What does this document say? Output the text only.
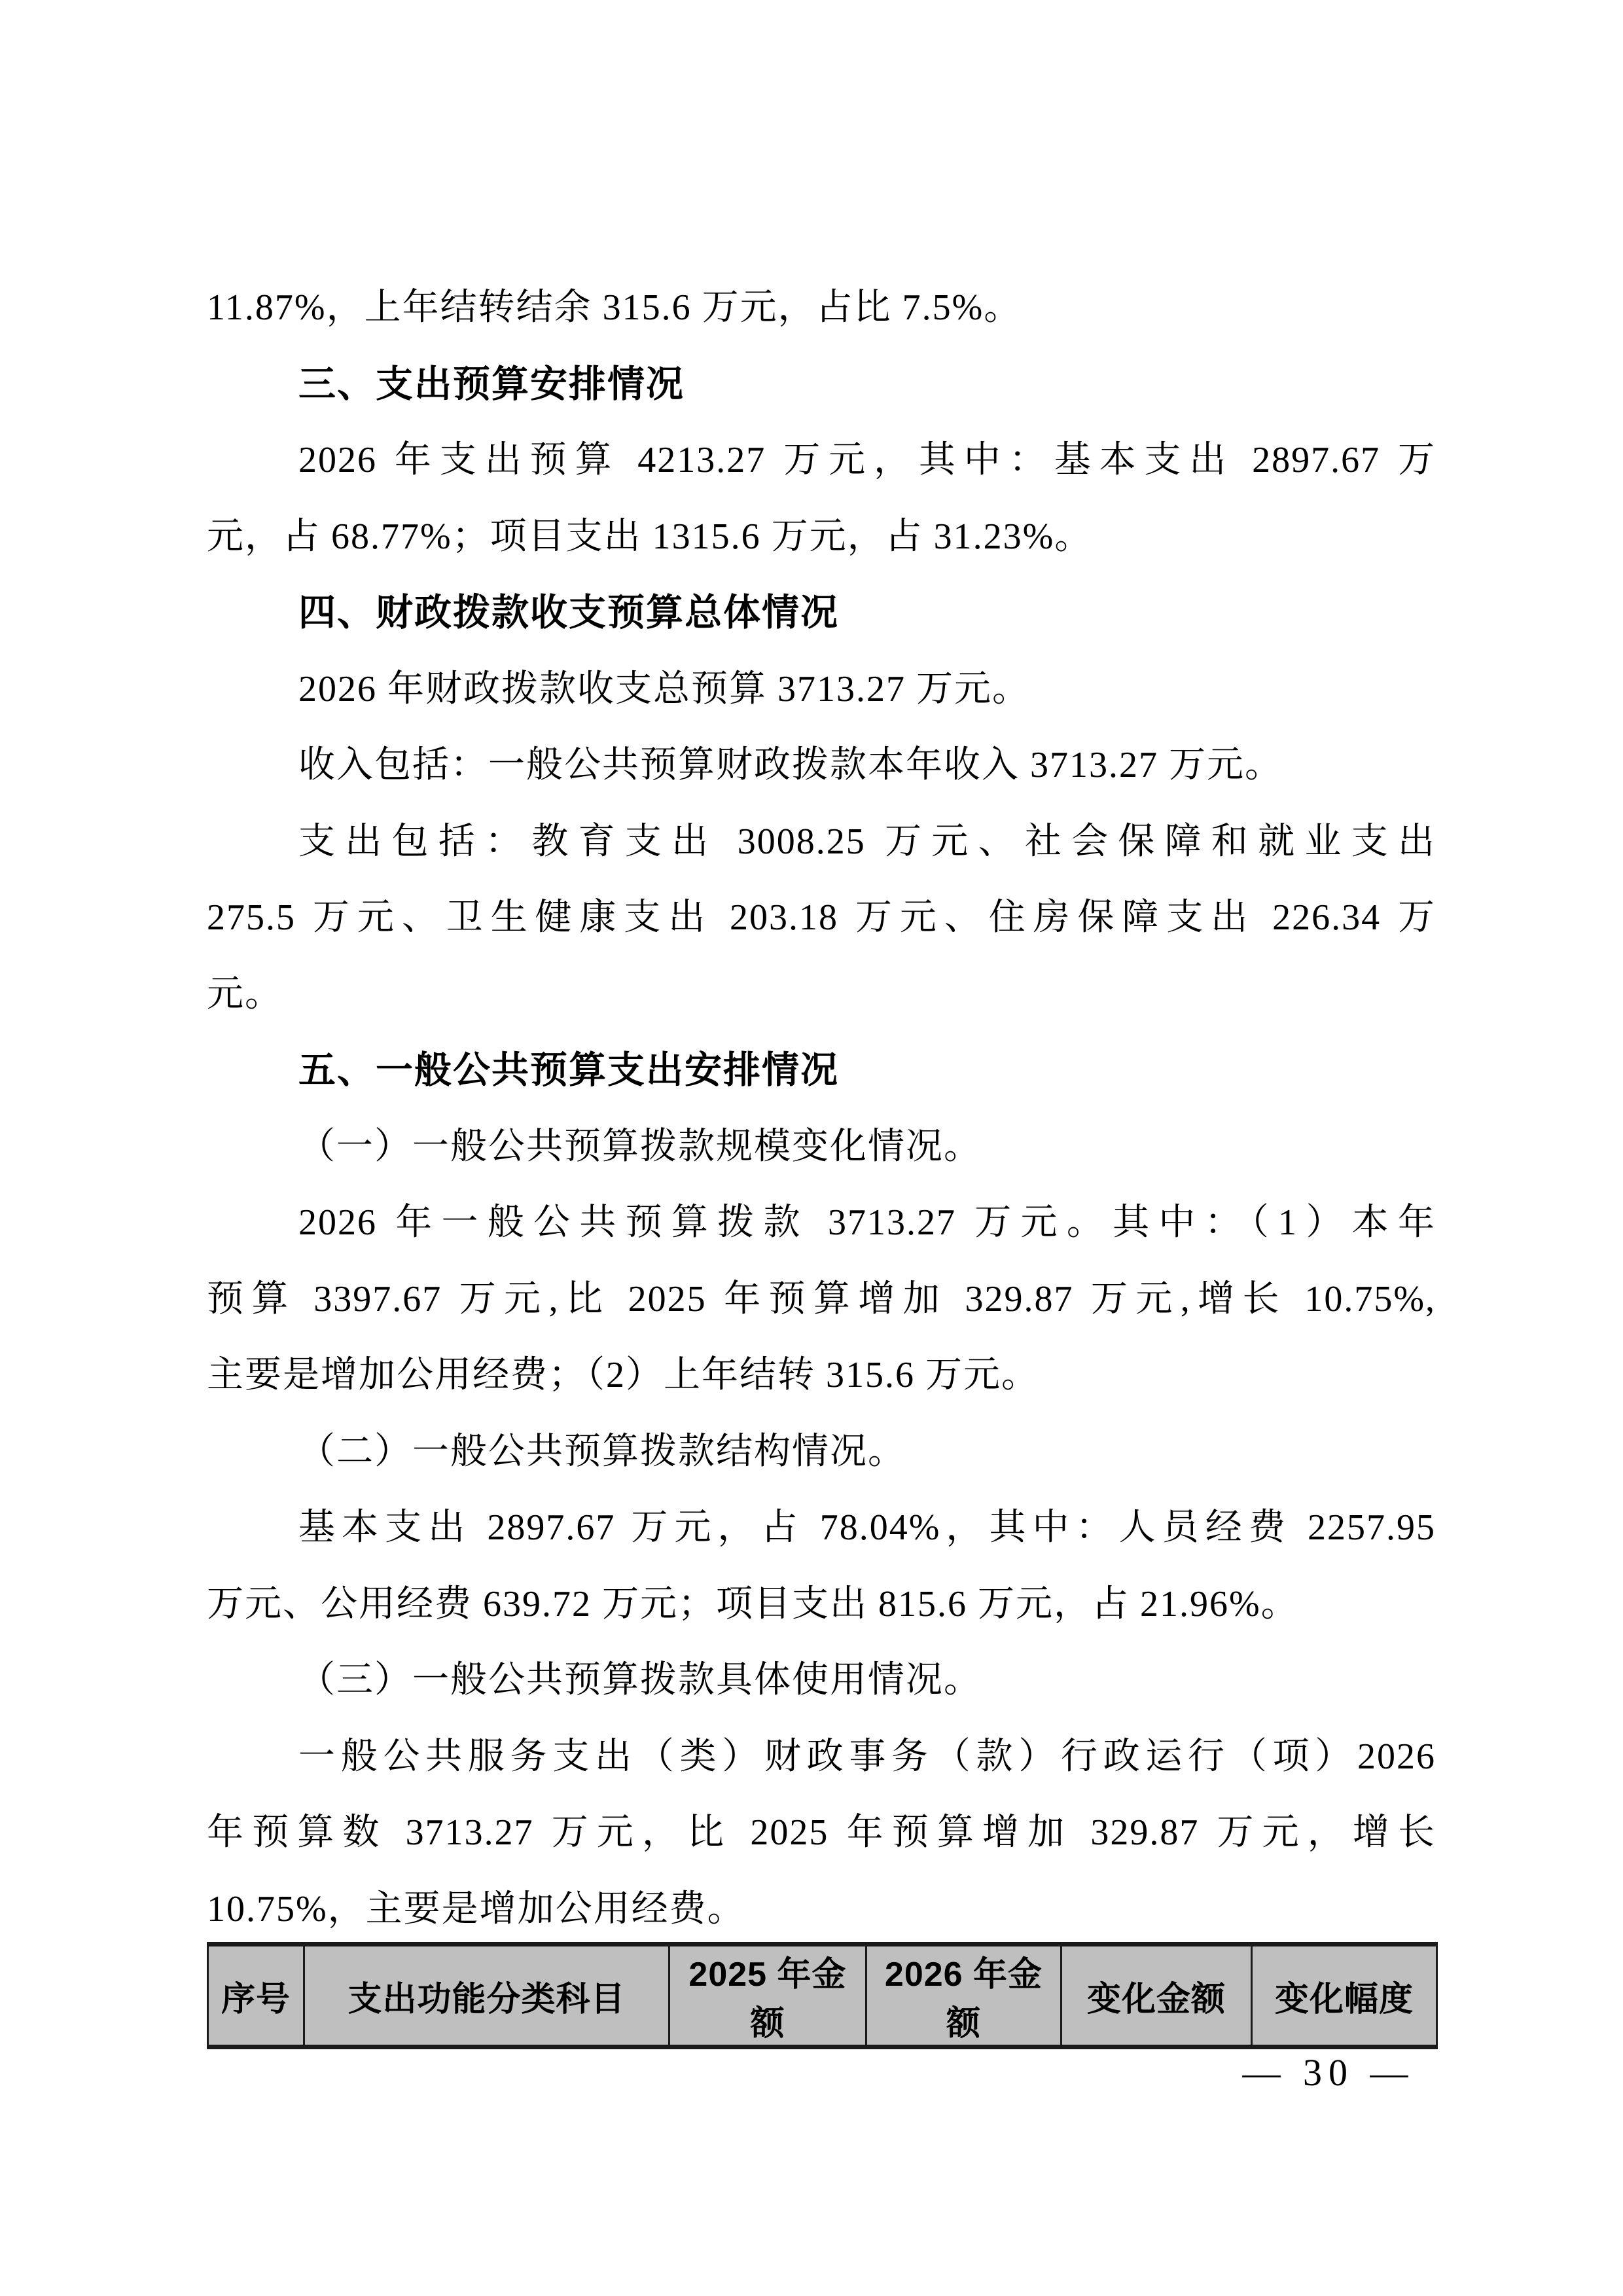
11.87%，上年结转结余 315.6 万元，占比 7.5%。
三、支出预算安排情况
2026 年支出预算 4213.27 万元，其中：基本支出 2897.67 万
元，占 68.77%；项目支出 1315.6 万元，占 31.23%。
四、财政拨款收支预算总体情况
2026 年财政拨款收支总预算 3713.27 万元。
收入包括：一般公共预算财政拨款本年收入 3713.27 万元。
支出包括：教育支出 3008.25 万元、社会保障和就业支出
275.5 万元、卫生健康支出 203.18 万元、住房保障支出 226.34 万
元。
五、一般公共预算支出安排情况
（一）一般公共预算拨款规模变化情况。
2026 年一般公共预算拨款 3713.27 万元。其中：（1）本年
预算 3397.67 万元,比 2025 年预算增加 329.87 万元,增长 10.75%,
主要是增加公用经费；（2）上年结转 315.6 万元。
（二）一般公共预算拨款结构情况。
基本支出 2897.67 万元，占 78.04%，其中：人员经费 2257.95
万元、公用经费 639.72 万元；项目支出 815.6 万元，占 21.96%。
（三）一般公共预算拨款具体使用情况。
一般公共服务支出（类）财政事务（款）行政运行（项）2026
年预算数 3713.27 万元，比 2025 年预算增加 329.87 万元，增长
10.75%，主要是增加公用经费。
序号	支出功能分类科目	2025 年金额	2026 年金额	变化金额	变化幅度
— 30 —
